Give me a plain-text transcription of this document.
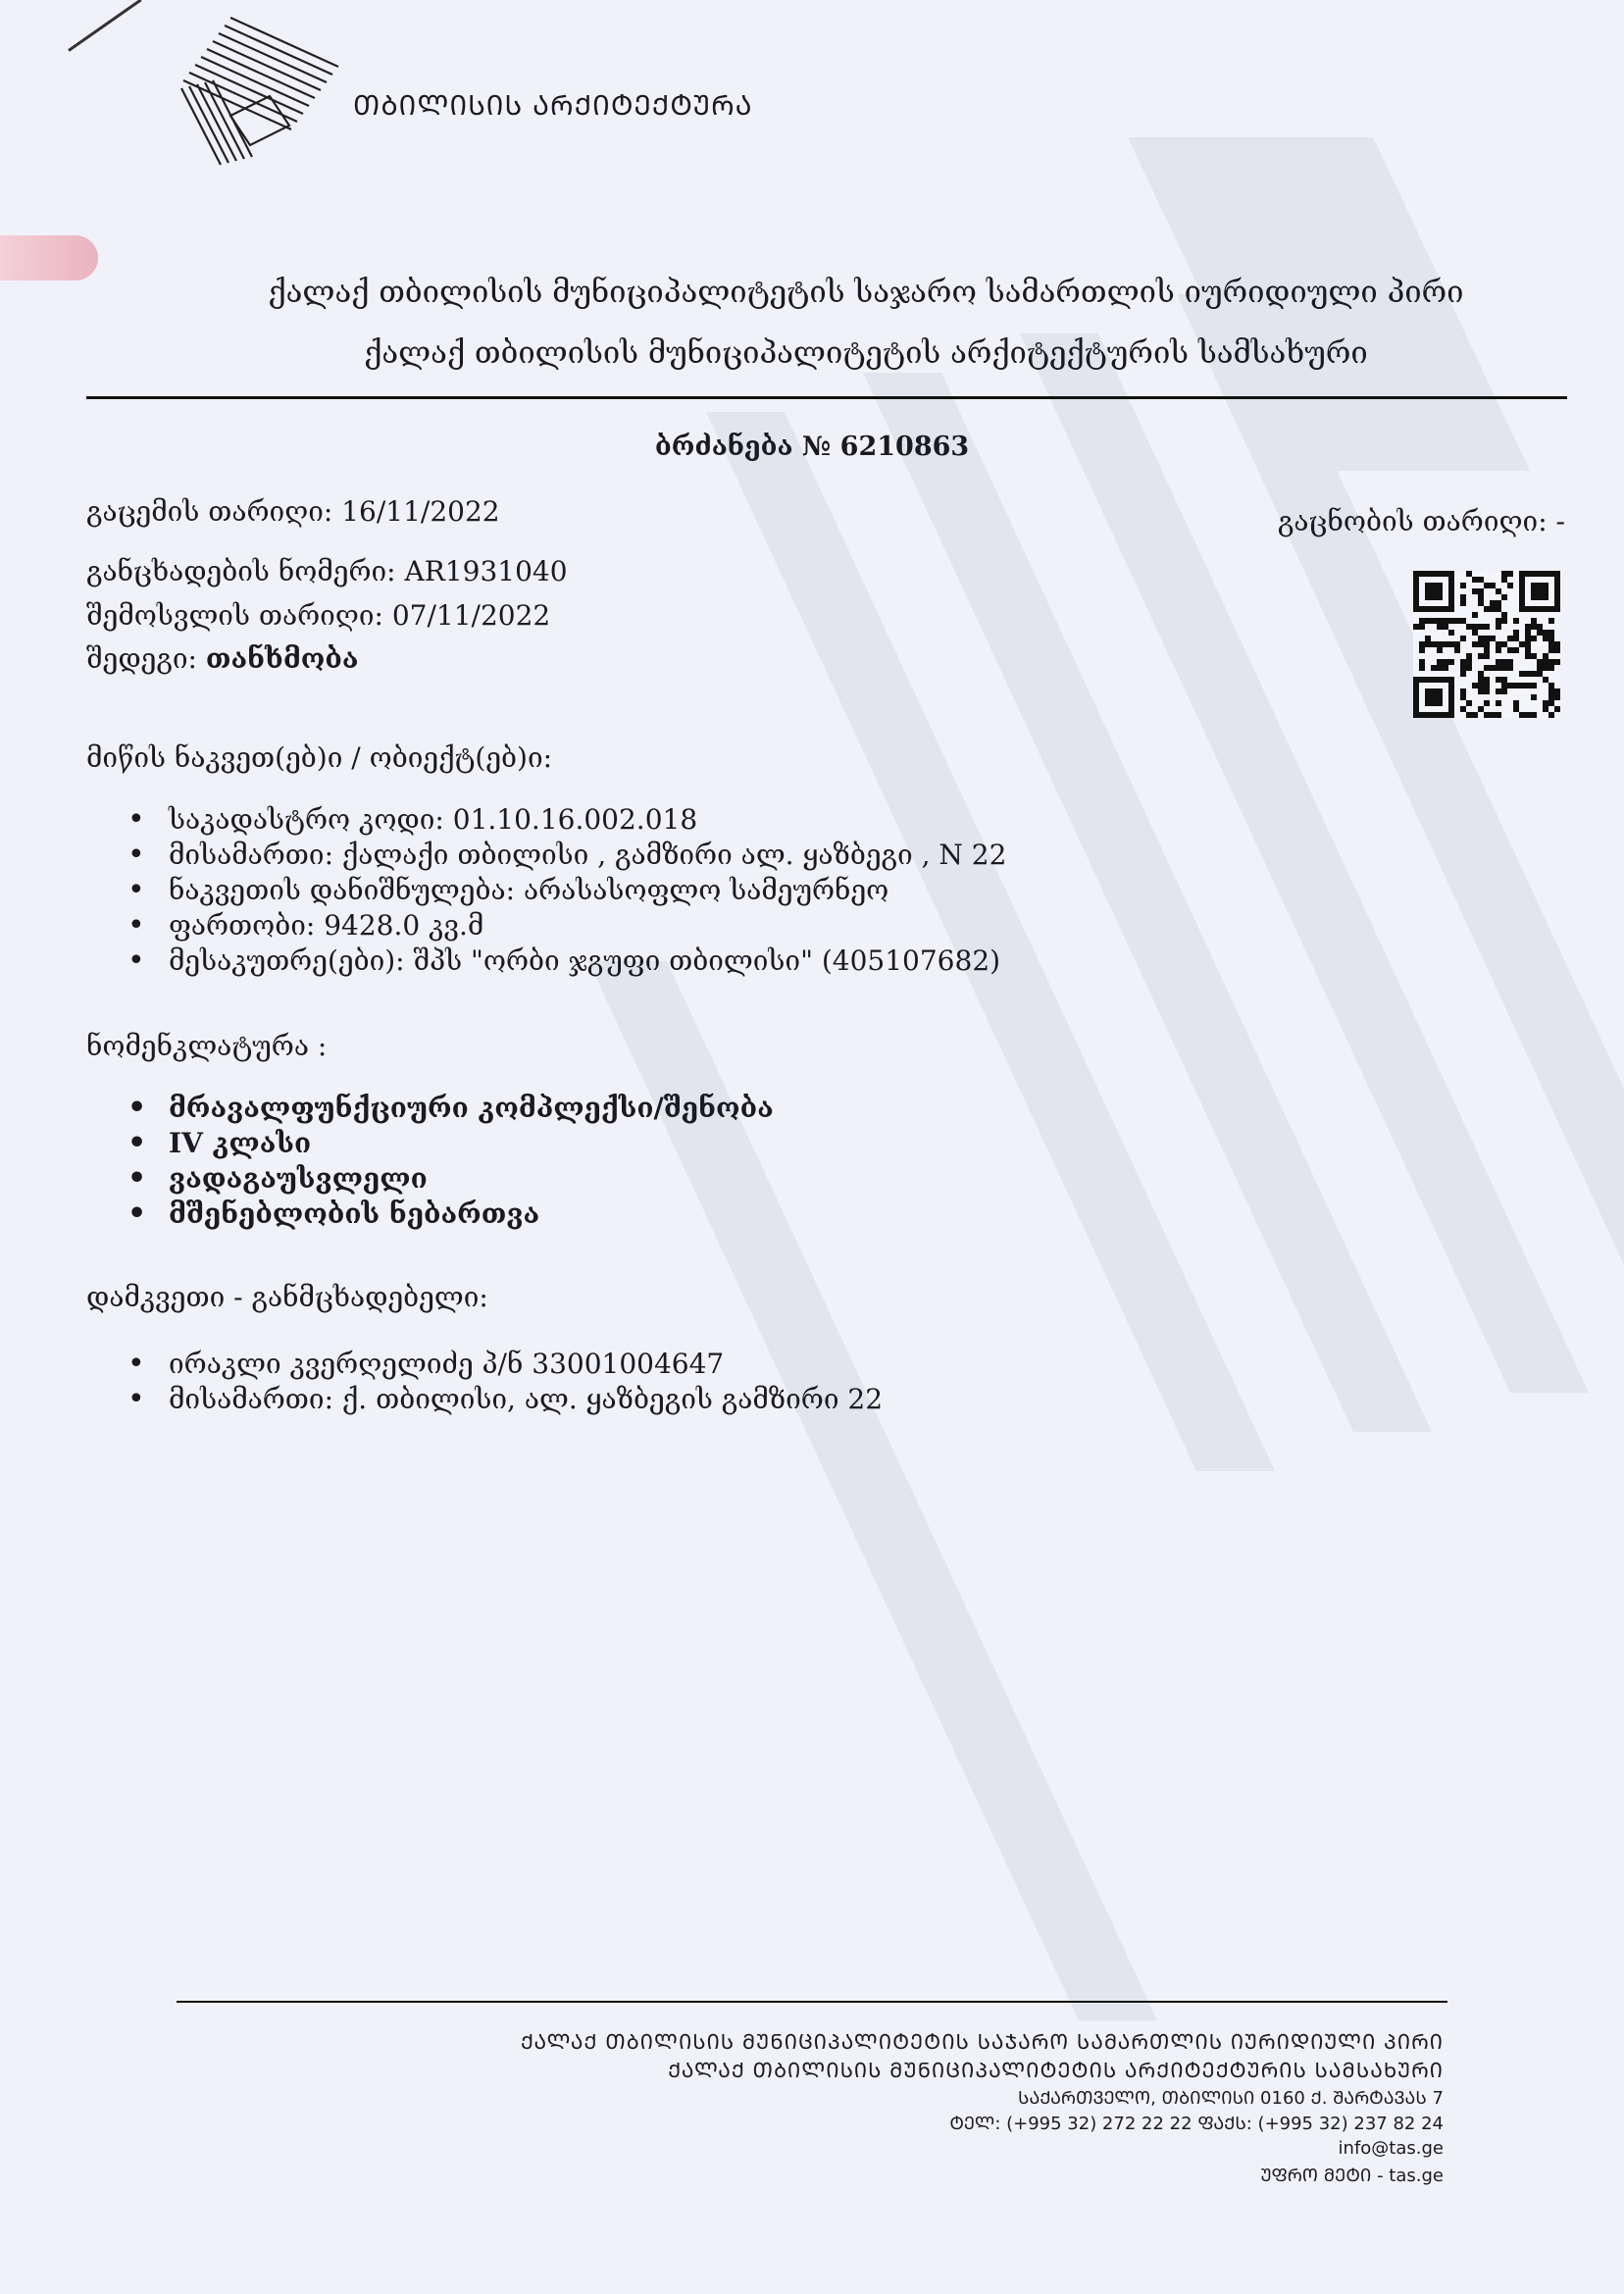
ᲗᲑᲘᲚᲘᲡᲘᲡ ᲐᲠᲥᲘᲢᲔᲥᲢᲣᲠᲐ
ქალაქ თბილისის მუნიციპალიტეტის საჯარო სამართლის იურიდიული პირი
ქალაქ თბილისის მუნიციპალიტეტის არქიტექტურის სამსახური
ბრძანება № 6210863
გაცემის თარიღი: 16/11/2022	გაცნობის თარიღი: -
განცხადების ნომერი: AR1931040
შემოსვლის თარიღი: 07/11/2022
შედეგი: თანხმობა
მიწის ნაკვეთ(ებ)ი / ობიექტ(ებ)ი:
• საკადასტრო კოდი: 01.10.16.002.018
• მისამართი: ქალაქი თბილისი , გამზირი ალ. ყაზბეგი , N 22
• ნაკვეთის დანიშნულება: არასასოფლო სამეურნეო
• ფართობი: 9428.0 კვ.მ
• მესაკუთრე(ები): შპს "ორბი ჯგუფი თბილისი" (405107682)
ნომენკლატურა :
• მრავალფუნქციური კომპლექსი/შენობა
• IV კლასი
• ვადაგაუსვლელი
• მშენებლობის ნებართვა
დამკვეთი - განმცხადებელი:
• ირაკლი კვერღელიძე პ/ნ 33001004647
• მისამართი: ქ. თბილისი, ალ. ყაზბეგის გამზირი 22
ᲥᲐᲚᲐᲥ ᲗᲑᲘᲚᲘᲡᲘᲡ ᲛᲣᲜᲘᲪᲘᲞᲐᲚᲘᲢᲔᲢᲘᲡ ᲡᲐᲯᲐᲠᲝ ᲡᲐᲛᲐᲠᲗᲚᲘᲡ ᲘᲣᲠᲘᲓᲘᲣᲚᲘ ᲞᲘᲠᲘ
ᲥᲐᲚᲐᲥ ᲗᲑᲘᲚᲘᲡᲘᲡ ᲛᲣᲜᲘᲪᲘᲞᲐᲚᲘᲢᲔᲢᲘᲡ ᲐᲠᲥᲘᲢᲔᲥᲢᲣᲠᲘᲡ ᲡᲐᲛᲡᲐᲮᲣᲠᲘ
ᲡᲐᲥᲐᲠᲗᲕᲔᲚᲝ, ᲗᲑᲘᲚᲘᲡᲘ 0160 Ქ. ᲨᲐᲠᲢᲐᲕᲐᲡ 7
ᲢᲔᲚ: (+995 32) 272 22 22 ᲤᲐᲥᲡ: (+995 32) 237 82 24
info@tas.ge
ᲣᲤᲠᲝ ᲛᲔᲢᲘ - tas.ge
